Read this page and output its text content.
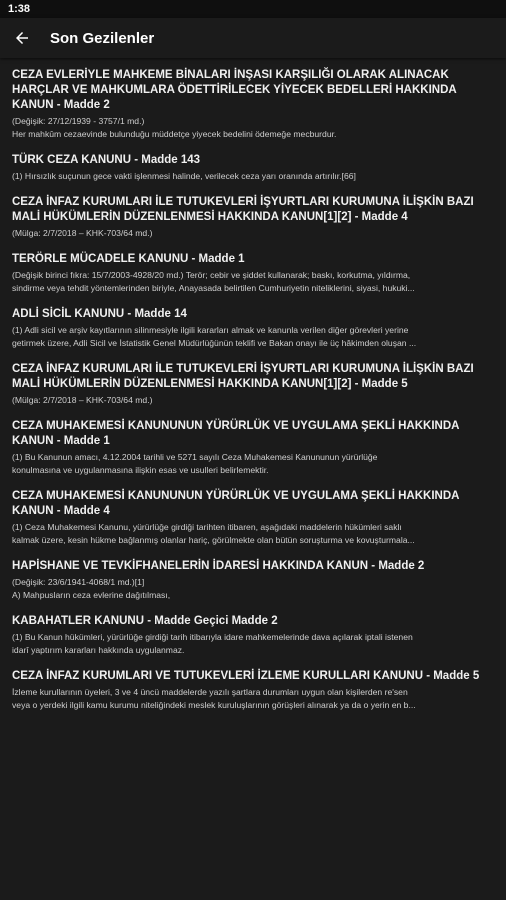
1:38
Son Gezilenler
CEZA EVLERİYLE MAHKEME BİNALARI İNŞASI KARŞILIĞI OLARAK ALINACAK HARÇLAR VE MAHKUMLARA ÖDETTİRİLECEK YİYECEK BEDELLERİ HAKKINDA KANUN - Madde 2
(Değişik: 27/12/1939 - 3757/1 md.)
Her mahkûm cezaevinde bulunduğu müddetçe yiyecek bedelini ödemeğe mecburdur.
TÜRK CEZA KANUNU - Madde 143
(1) Hırsızlık suçunun gece vakti işlenmesi halinde, verilecek ceza yarı oranında artırılır.[66]
CEZA İNFAZ KURUMLARI İLE TUTUKEVLERİ İŞYURTLARI KURUMUNA İLİŞKİN BAZI MALİ HÜKÜMLERİN DÜZENLENMESİ HAKKINDA KANUN[1][2] - Madde 4
(Mülga: 2/7/2018 – KHK-703/64 md.)
TERÖRLE MÜCADELE KANUNU - Madde 1
(Değişik birinci fıkra: 15/7/2003-4928/20 md.) Terör; cebir ve şiddet kullanarak; baskı, korkutma, yıldırma,
sindirme veya tehdit yöntemlerinden biriyle, Anayasada belirtilen Cumhuriyetin niteliklerini, siyasi, hukuki...
ADLİ SİCİL KANUNU - Madde 14
(1) Adli sicil ve arşiv kayıtlarının silinmesiyle ilgili kararları almak ve kanunla verilen diğer görevleri yerine
getirmek üzere, Adli Sicil ve İstatistik Genel Müdürlüğünün teklifi ve Bakan onayı ile üç hâkimden oluşan ...
CEZA İNFAZ KURUMLARI İLE TUTUKEVLERİ İŞYURTLARI KURUMUNA İLİŞKİN BAZI MALİ HÜKÜMLERİN DÜZENLENMESİ HAKKINDA KANUN[1][2] - Madde 5
(Mülga: 2/7/2018 – KHK-703/64 md.)
CEZA MUHAKEMESİ KANUNUNUN YÜRÜRLÜK VE UYGULAMA ŞEKLİ HAKKINDA KANUN - Madde 1
(1) Bu Kanunun amacı, 4.12.2004 tarihli ve 5271 sayılı Ceza Muhakemesi Kanununun yürürlüğe
konulmasına ve uygulanmasına ilişkin esas ve usulleri belirlemektir.
CEZA MUHAKEMESİ KANUNUNUN YÜRÜRLÜK VE UYGULAMA ŞEKLİ HAKKINDA KANUN - Madde 4
(1) Ceza Muhakemesi Kanunu, yürürlüğe girdiği tarihten itibaren, aşağıdaki maddelerin hükümleri saklı
kalmak üzere, kesin hükme bağlanmış olanlar hariç, görülmekte olan bütün soruşturma ve kovuşturmala...
HAPİSHANE VE TEVKİFHANELERİN İDARESİ HAKKINDA KANUN - Madde 2
(Değişik: 23/6/1941-4068/1 md.)[1]
A) Mahpusların ceza evlerine dağıtılması,
KABAHATLER KANUNU - Madde Geçici Madde 2
(1) Bu Kanun hükümleri, yürürlüğe girdiği tarih itibarıyla idare mahkemelerinde dava açılarak iptali istenen
idarî yaptırım kararları hakkında uygulanmaz.
CEZA İNFAZ KURUMLARI VE TUTUKEVLERİ İZLEME KURULLARI KANUNU - Madde 5
İzleme kurullarının üyeleri, 3 ve 4 üncü maddelerde yazılı şartlara durumları uygun olan kişilerden re'sen
veya o yerdeki ilgili kamu kurumu niteliğindeki meslek kuruluşlarının görüşleri alınarak ya da o yerin en b...
